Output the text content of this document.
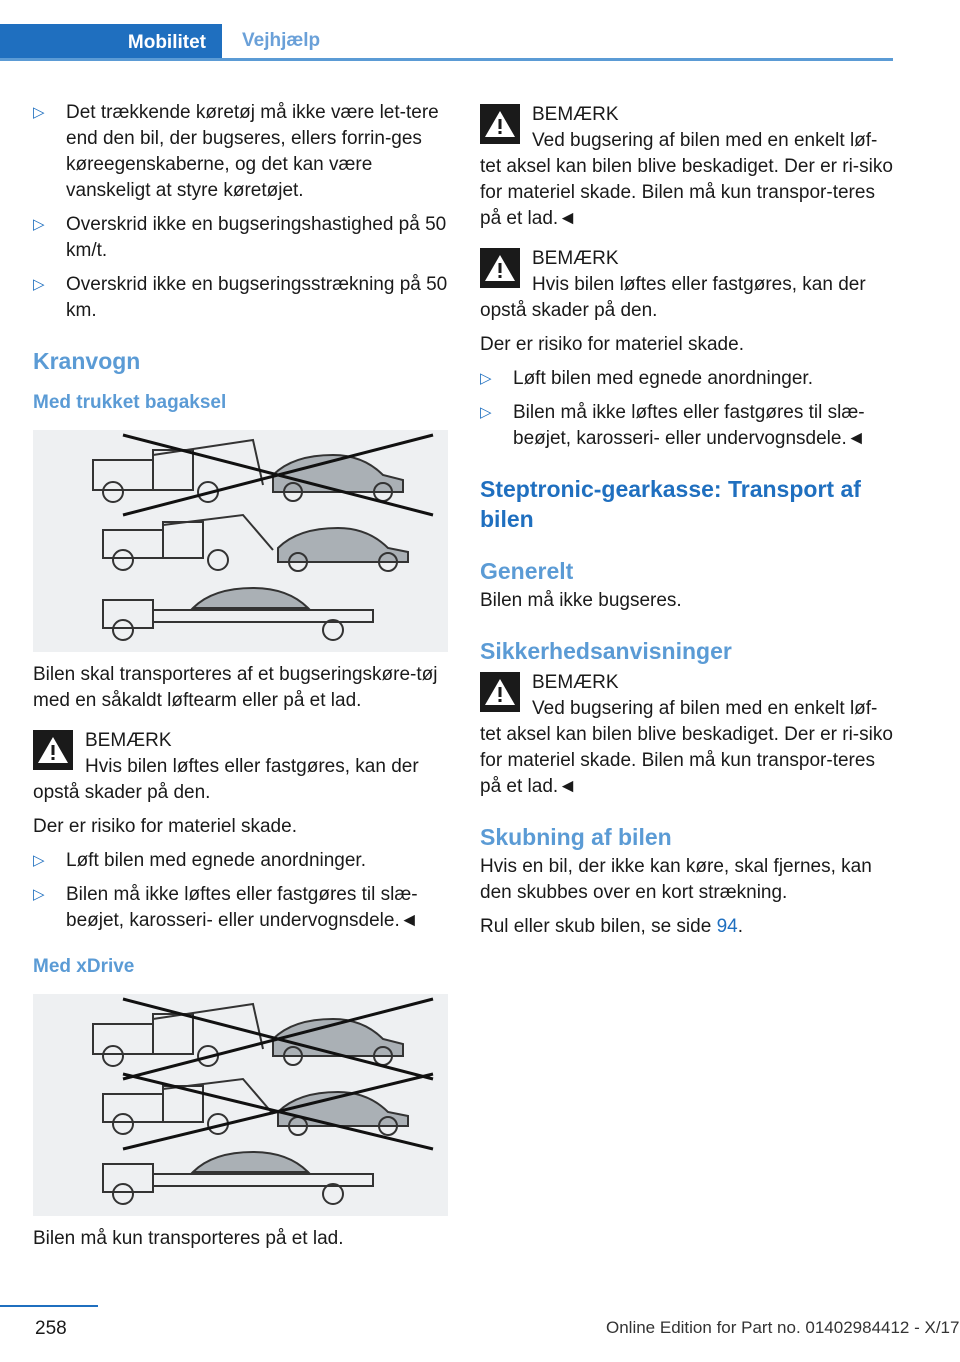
Mobilitet	Vejhjælp
▷ Det trækkende køretøj må ikke være let-tere end den bil, der bugseres, ellers forrin-ges køreegenskaberne, og det kan være vanskeligt at styre køretøjet.
▷ Overskrid ikke en bugseringshastighed på 50 km/t.
▷ Overskrid ikke en bugseringsstrækning på 50 km.
Kranvogn
Med trukket bagaksel

Bilen skal transporteres af et bugseringskøre-tøj med en såkaldt løftearm eller på et lad.

BEMÆRK
Hvis bilen løftes eller fastgøres, kan der opstå skader på den.

Der er risiko for materiel skade.

▷ Løft bilen med egnede anordninger.
▷ Bilen må ikke løftes eller fastgøres til slæ-beøjet, karosseri- eller undervognsdele.◄
Med xDrive

Bilen må kun transporteres på et lad.

BEMÆRK
Ved bugsering af bilen med en enkelt løf-tet aksel kan bilen blive beskadiget. Der er ri-siko for materiel skade. Bilen må kun transpor-teres på et lad.◄
BEMÆRK
Hvis bilen løftes eller fastgøres, kan der opstå skader på den.

Der er risiko for materiel skade.

▷ Løft bilen med egnede anordninger.
▷ Bilen må ikke løftes eller fastgøres til slæ-beøjet, karosseri- eller undervognsdele.◄
Steptronic-gearkasse: Transport af bilen
Generelt

Bilen må ikke bugseres.

Sikkerhedsanvisninger
BEMÆRK
Ved bugsering af bilen med en enkelt løf-tet aksel kan bilen blive beskadiget. Der er ri-siko for materiel skade. Bilen må kun transpor-teres på et lad.◄
Skubning af bilen

Hvis en bil, der ikke kan køre, skal fjernes, kan den skubbes over en kort strækning.

Rul eller skub bilen, se side 94.

258	Online Edition for Part no. 01402984412 - X/17
